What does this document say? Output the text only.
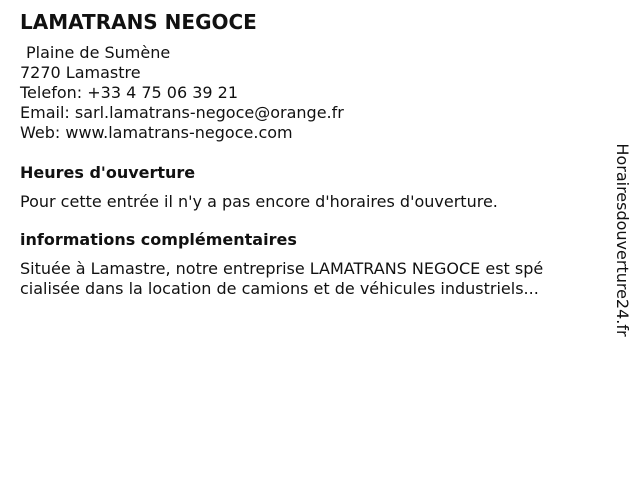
LAMATRANS NEGOCE
Plaine de Sumène
7270 Lamastre
Telefon: +33 4 75 06 39 21
Email: sarl.lamatrans-negoce@orange.fr
Web: www.lamatrans-negoce.com
Heures d'ouverture
Pour cette entrée il n'y a pas encore d'horaires d'ouverture.
informations complémentaires
Située à Lamastre, notre entreprise LAMATRANS NEGOCE est spé
cialisée dans la location de camions et de véhicules industriels...	Horairesdouverture24.fr
